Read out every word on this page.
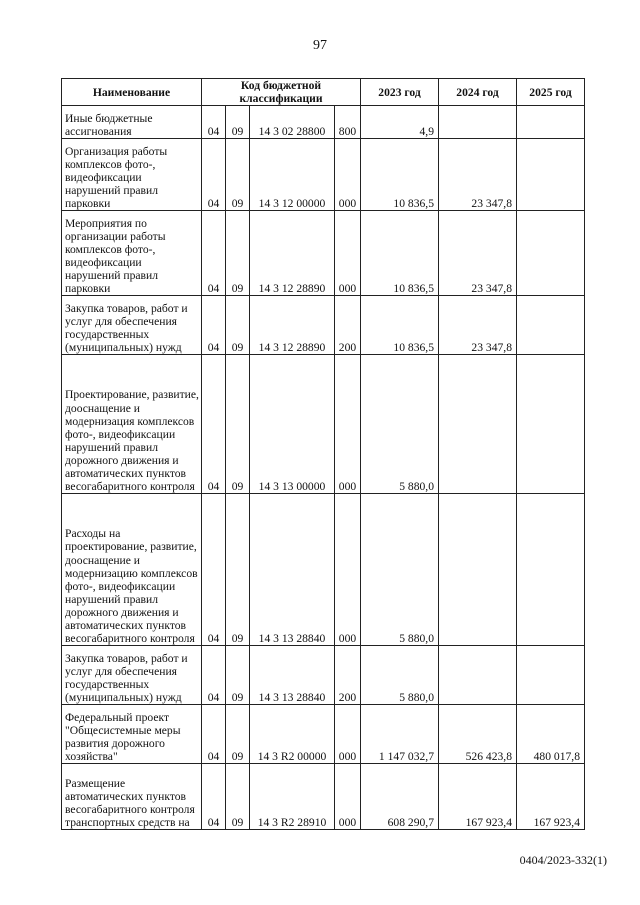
97
Наименование	Код бюджетной классификации				2023 год	2024 год	2025 год
Иные бюджетные ассигнования	04	09	14 3 02 28800	800	4,9		
Организация работы комплексов фото-, видеофиксации нарушений правил парковки	04	09	14 3 12 00000	000	10 836,5	23 347,8	
Мероприятия по организации работы комплексов фото-, видеофиксации нарушений правил парковки	04	09	14 3 12 28890	000	10 836,5	23 347,8	
Закупка товаров, работ и услуг для обеспечения государственных (муниципальных) нужд	04	09	14 3 12 28890	200	10 836,5	23 347,8	
Проектирование, развитие, дооснащение и модернизация комплексов фото-, видеофиксации нарушений правил дорожного движения и автоматических пунктов весогабаритного контроля	04	09	14 3 13 00000	000	5 880,0		
Расходы на проектирование, развитие, дооснащение и модернизацию комплексов фото-, видеофиксации нарушений правил дорожного движения и автоматических пунктов весогабаритного контроля	04	09	14 3 13 28840	000	5 880,0		
Закупка товаров, работ и услуг для обеспечения государственных (муниципальных) нужд	04	09	14 3 13 28840	200	5 880,0		
Федеральный проект "Общесистемные меры развития дорожного хозяйства"	04	09	14 3 R2 00000	000	1 147 032,7	526 423,8	480 017,8
Размещение автоматических пунктов весогабаритного контроля транспортных средств на	04	09	14 3 R2 28910	000	608 290,7	167 923,4	167 923,4
0404/2023-332(1)
